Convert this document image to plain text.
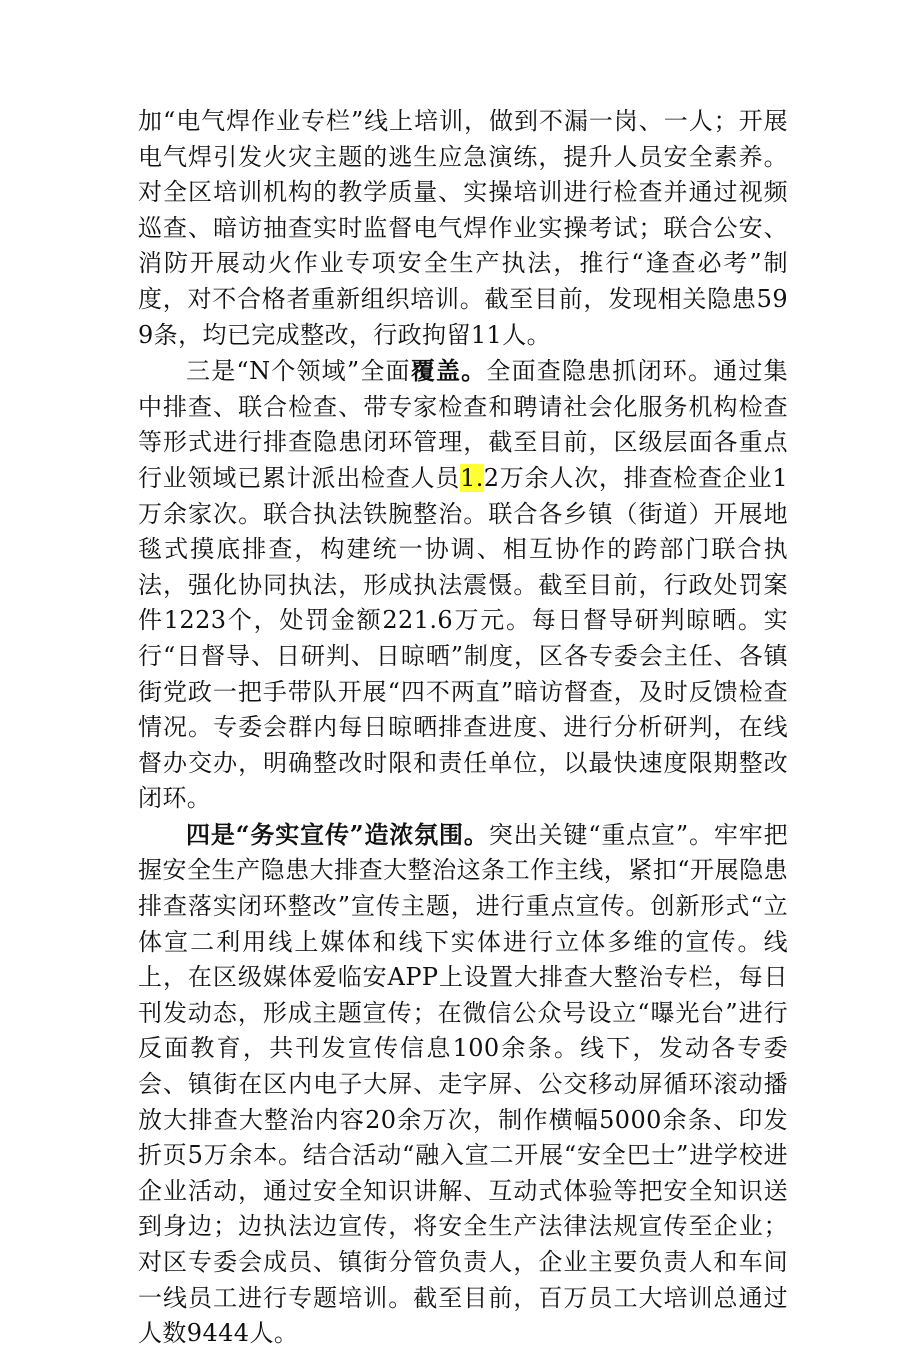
加“电气焊作业专栏”线上培训，做到不漏一岗、一人；开展电气焊引发火灾主题的逃生应急演练，提升人员安全素养。对全区培训机构的教学质量、实操培训进行检查并通过视频巡查、暗访抽查实时监督电气焊作业实操考试；联合公安、消防开展动火作业专项安全生产执法，推行“逢查必考”制度，对不合格者重新组织培训。截至目前，发现相关隐患599条，均已完成整改，行政拘留11人。

三是“N个领域”全面覆盖。全面查隐患抓闭环。通过集中排查、联合检查、带专家检查和聘请社会化服务机构检查等形式进行排查隐患闭环管理，截至目前，区级层面各重点行业领域已累计派出检查人员1.2万余人次，排查检查企业1万余家次。联合执法铁腕整治。联合各乡镇（街道）开展地毯式摸底排查，构建统一协调、相互协作的跨部门联合执法，强化协同执法，形成执法震慑。截至目前，行政处罚案件1223个，处罚金额221.6万元。每日督导研判晾晒。实行“日督导、日研判、日晾晒”制度，区各专委会主任、各镇街党政一把手带队开展“四不两直”暗访督查，及时反馈检查情况。专委会群内每日晾晒排查进度、进行分析研判，在线督办交办，明确整改时限和责任单位，以最快速度限期整改闭环。

四是“务实宣传”造浓氛围。突出关键“重点宣”。牢牢把握安全生产隐患大排查大整治这条工作主线，紧扣“开展隐患排查落实闭环整改”宣传主题，进行重点宣传。创新形式“立体宣二利用线上媒体和线下实体进行立体多维的宣传。线上，在区级媒体爱临安APP上设置大排查大整治专栏，每日刊发动态，形成主题宣传；在微信公众号设立“曝光台”进行反面教育，共刊发宣传信息100余条。线下，发动各专委会、镇街在区内电子大屏、走字屏、公交移动屏循环滚动播放大排查大整治内容20余万次，制作横幅5000余条、印发折页5万余本。结合活动“融入宣二开展“安全巴士”进学校进企业活动，通过安全知识讲解、互动式体验等把安全知识送到身边；边执法边宣传，将安全生产法律法规宣传至企业；对区专委会成员、镇街分管负责人，企业主要负责人和车间一线员工进行专题培训。截至目前，百万员工大培训总通过人数9444人。
